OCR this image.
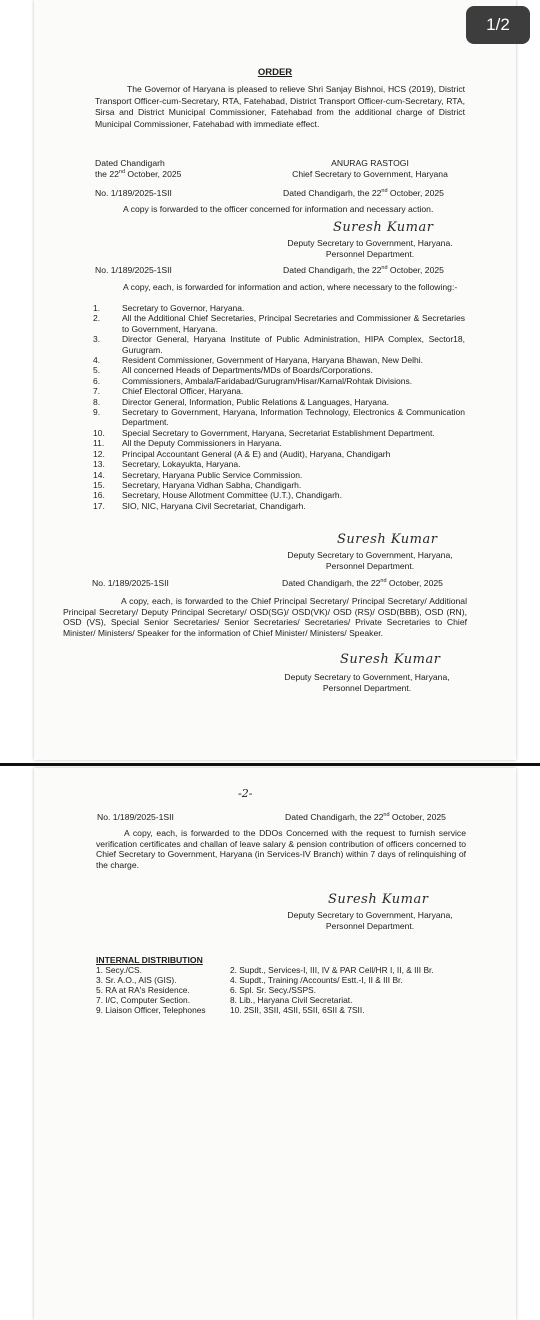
ORDER
The Governor of Haryana is pleased to relieve Shri Sanjay Bishnoi, HCS (2019), District Transport Officer-cum-Secretary, RTA, Fatehabad, District Transport Officer-cum-Secretary, RTA, Sirsa and District Municipal Commissioner, Fatehabad from the additional charge of District Municipal Commissioner, Fatehabad with immediate effect.
Dated Chandigarh
the 22nd October, 2025
ANURAG RASTOGI
Chief Secretary to Government, Haryana
No. 1/189/2025-1SII	Dated Chandigarh, the 22nd October, 2025
A copy is forwarded to the officer concerned for information and necessary action.
Suresh Kumar
Deputy Secretary to Government, Haryana.
Personnel Department.
No. 1/189/2025-1SII	Dated Chandigarh, the 22nd October, 2025
A copy, each, is forwarded for information and action, where necessary to the following:-
1.	Secretary to Governor, Haryana.
2.	All the Additional Chief Secretaries, Principal Secretaries and Commissioner & Secretaries to Government, Haryana.
3.	Director General, Haryana Institute of Public Administration, HIPA Complex, Sector18, Gurugram.
4.	Resident Commissioner, Government of Haryana, Haryana Bhawan, New Delhi.
5.	All concerned Heads of Departments/MDs of Boards/Corporations.
6.	Commissioners, Ambala/Faridabad/Gurugram/Hisar/Karnal/Rohtak Divisions.
7.	Chief Electoral Officer, Haryana.
8.	Director General, Information, Public Relations & Languages, Haryana.
9.	Secretary to Government, Haryana, Information Technology, Electronics & Communication Department.
10.	Special Secretary to Government, Haryana, Secretariat Establishment Department.
11.	All the Deputy Commissioners in Haryana.
12.	Principal Accountant General (A & E) and (Audit), Haryana, Chandigarh
13.	Secretary, Lokayukta, Haryana.
14.	Secretary, Haryana Public Service Commission.
15.	Secretary, Haryana Vidhan Sabha, Chandigarh.
16.	Secretary, House Allotment Committee (U.T.), Chandigarh.
17.	SIO, NIC, Haryana Civil Secretariat, Chandigarh.
Suresh Kumar
Deputy Secretary to Government, Haryana,
Personnel Department.
No. 1/189/2025-1SII	Dated Chandigarh, the 22nd October, 2025
A copy, each, is forwarded to the Chief Principal Secretary/ Principal Secretary/ Additional Principal Secretary/ Deputy Principal Secretary/ OSD(SG)/ OSD(VK)/ OSD (RS)/ OSD(BBB), OSD (RN), OSD (VS), Special Senior Secretaries/ Senior Secretaries/ Secretaries/ Private Secretaries to Chief Minister/ Ministers/ Speaker for the information of Chief Minister/ Ministers/ Speaker.
Suresh Kumar
Deputy Secretary to Government, Haryana,
Personnel Department.
-2-
No. 1/189/2025-1SII	Dated Chandigarh, the 22nd October, 2025
A copy, each, is forwarded to the DDOs Concerned with the request to furnish service verification certificates and challan of leave salary & pension contribution of officers concerned to Chief Secretary to Government, Haryana (in Services-IV Branch) within 7 days of relinquishing of the charge.
Suresh Kumar
Deputy Secretary to Government, Haryana,
Personnel Department.
INTERNAL DISTRIBUTION
1. Secy./CS.	2. Supdt., Services-I, III, IV & PAR Cell/HR I, II, & III Br.
3. Sr. A.O., AIS (GIS).	4. Supdt., Training /Accounts/ Estt.-I, II & III Br.
5. RA at RA's Residence.	6. Spl. Sr. Secy./SSPS.
7. I/C, Computer Section.	8. Lib., Haryana Civil Secretariat.
9. Liaison Officer, Telephones	10. 2SII, 3SII, 4SII, 5SII, 6SII & 7SII.
1/2
